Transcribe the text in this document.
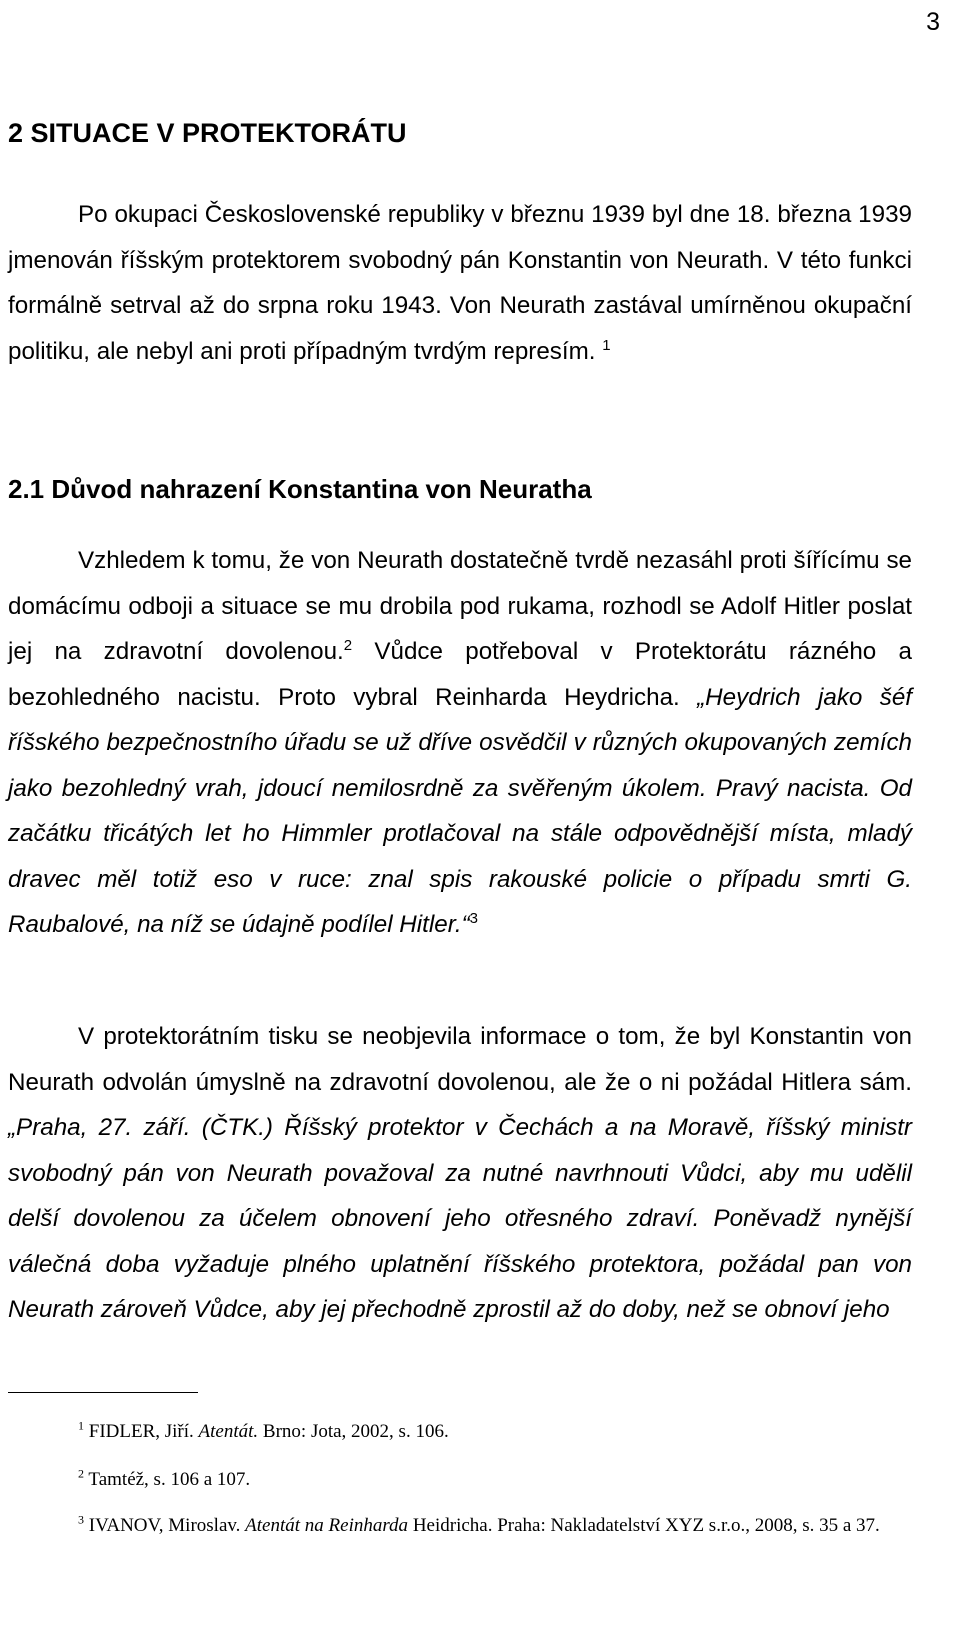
3
2 SITUACE V PROTEKTORÁTU

Po okupaci Československé republiky v březnu 1939 byl dne 18. března 1939 jmenován říšským protektorem svobodný pán Konstantin von Neurath. V této funkci formálně setrval až do srpna roku 1943. Von Neurath zastával umírněnou okupační politiku, ale nebyl ani proti případným tvrdým represím. $^1$

2.1 Důvod nahrazení Konstantina von Neuratha

Vzhledem k tomu, že von Neurath dostatečně tvrdě nezasáhl proti šířícímu se domácímu odboji a situace se mu drobila pod rukama, rozhodl se Adolf Hitler poslat jej na zdravotní dovolenou.$^2$ Vůdce potřeboval v Protektorátu rázného a bezohledného nacistu. Proto vybral Reinharda Heydricha. „Heydrich jako šéf říšského bezpečnostního úřadu se už dříve osvědčil v různých okupovaných zemích jako bezohledný vrah, jdoucí nemilosrdně za svěřeným úkolem. Pravý nacista. Od začátku třicátých let ho Himmler protlačoval na stále odpovědnější místa, mladý dravec měl totiž eso v ruce: znal spis rakouské policie o případu smrti G. Raubalové, na níž se údajně podílel Hitler.“$^3$

V protektorátním tisku se neobjevila informace o tom, že byl Konstantin von Neurath odvolán úmyslně na zdravotní dovolenou, ale že o ni požádal Hitlera sám. „Praha, 27. září. (ČTK.) Říšský protektor v Čechách a na Moravě, říšský ministr svobodný pán von Neurath považoval za nutné navrhnouti Vůdci, aby mu udělil delší dovolenou za účelem obnovení jeho otřesného zdraví. Poněvadž nynější válečná doba vyžaduje plného uplatnění říšského protektora, požádal pan von Neurath zároveň Vůdce, aby jej přechodně zprostil až do doby, než se obnoví jeho

$^1$ FIDLER, Jiří. Atentát. Brno: Jota, 2002, s. 106.
$^2$ Tamtéž, s. 106 a 107.
$^3$ IVANOV, Miroslav. Atentát na Reinharda Heidricha. Praha: Nakladatelství XYZ s.r.o., 2008, s. 35 a 37.
